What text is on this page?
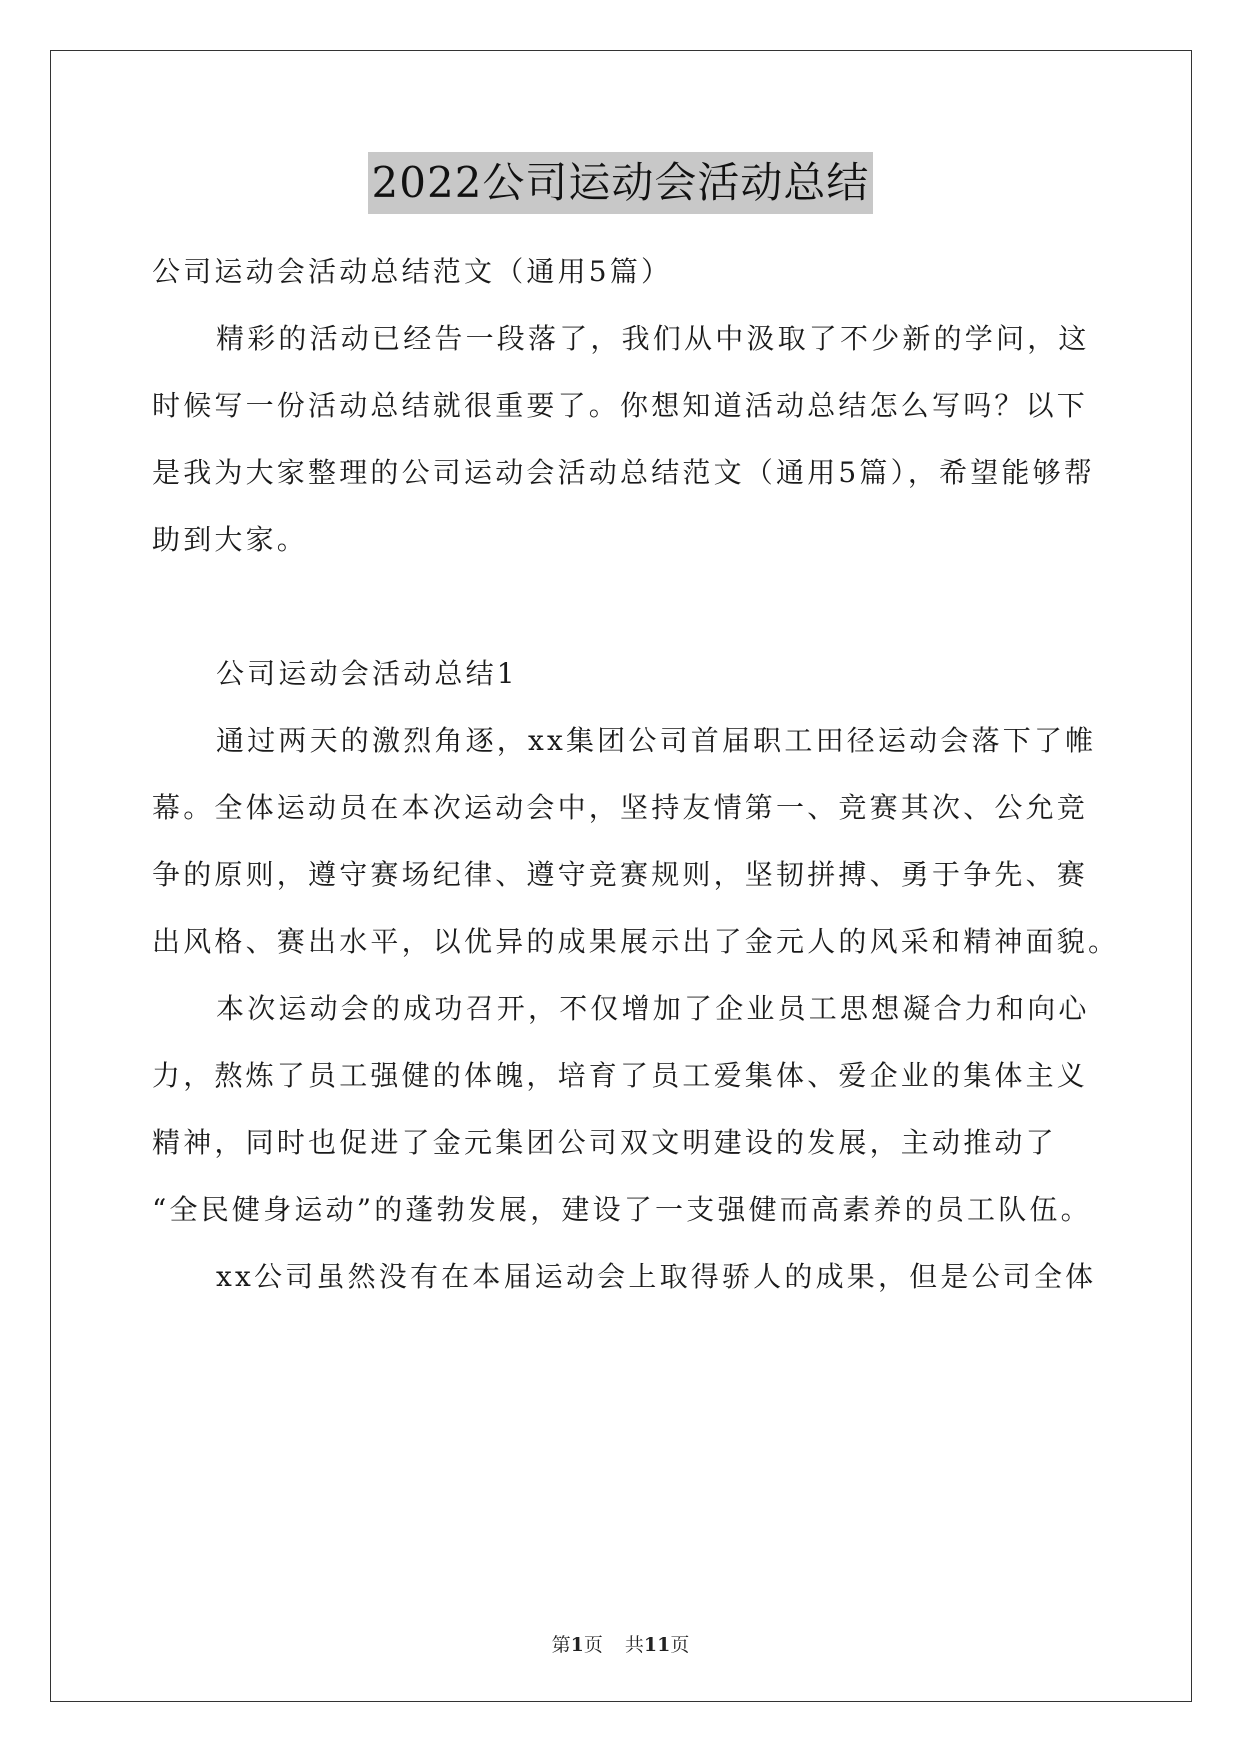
2022公司运动会活动总结
公司运动会活动总结范文（通用5篇）
精彩的活动已经告一段落了，我们从中汲取了不少新的学问，这
时候写一份活动总结就很重要了。你想知道活动总结怎么写吗？以下
是我为大家整理的公司运动会活动总结范文（通用5篇），希望能够帮
助到大家。
公司运动会活动总结1
通过两天的激烈角逐，xx集团公司首届职工田径运动会落下了帷
幕。全体运动员在本次运动会中，坚持友情第一、竞赛其次、公允竞
争的原则，遵守赛场纪律、遵守竞赛规则，坚韧拼搏、勇于争先、赛
出风格、赛出水平，以优异的成果展示出了金元人的风采和精神面貌。
本次运动会的成功召开，不仅增加了企业员工思想凝合力和向心
力，熬炼了员工强健的体魄，培育了员工爱集体、爱企业的集体主义
精神，同时也促进了金元集团公司双文明建设的发展，主动推动了
“全民健身运动”的蓬勃发展，建设了一支强健而高素养的员工队伍。
xx公司虽然没有在本届运动会上取得骄人的成果，但是公司全体
第1页 共11页
